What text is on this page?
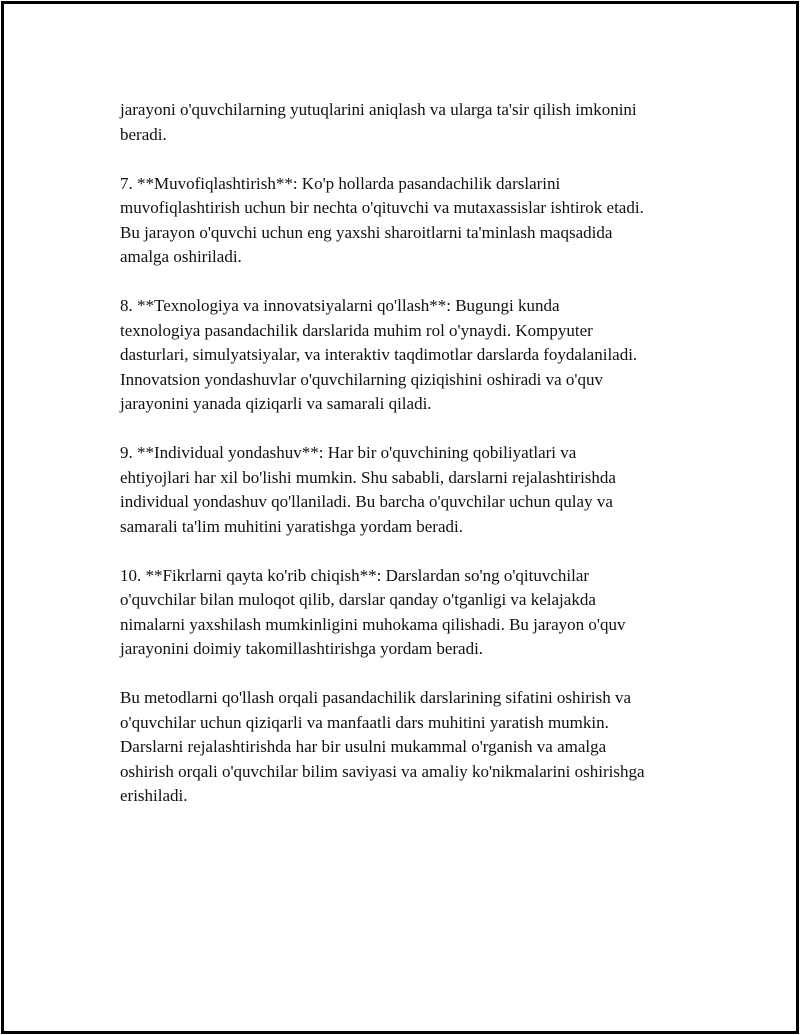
jarayoni o'quvchilarning yutuqlarini aniqlash va ularga ta'sir qilish imkonini
beradi.

7. **Muvofiqlashtirish**: Ko'p hollarda pasandachilik darslarini
muvofiqlashtirish uchun bir nechta o'qituvchi va mutaxassislar ishtirok etadi.
Bu jarayon o'quvchi uchun eng yaxshi sharoitlarni ta'minlash maqsadida
amalga oshiriladi.

8. **Texnologiya va innovatsiyalarni qo'llash**: Bugungi kunda
texnologiya pasandachilik darslarida muhim rol o'ynaydi. Kompyuter
dasturlari, simulyatsiyalar, va interaktiv taqdimotlar darslarda foydalaniladi.
Innovatsion yondashuvlar o'quvchilarning qiziqishini oshiradi va o'quv
jarayonini yanada qiziqarli va samarali qiladi.

9. **Individual yondashuv**: Har bir o'quvchining qobiliyatlari va
ehtiyojlari har xil bo'lishi mumkin. Shu sababli, darslarni rejalashtirishda
individual yondashuv qo'llaniladi. Bu barcha o'quvchilar uchun qulay va
samarali ta'lim muhitini yaratishga yordam beradi.

10. **Fikrlarni qayta ko'rib chiqish**: Darslardan so'ng o'qituvchilar
o'quvchilar bilan muloqot qilib, darslar qanday o'tganligi va kelajakda
nimalarni yaxshilash mumkinligini muhokama qilishadi. Bu jarayon o'quv
jarayonini doimiy takomillashtirishga yordam beradi.

Bu metodlarni qo'llash orqali pasandachilik darslarining sifatini oshirish va
o'quvchilar uchun qiziqarli va manfaatli dars muhitini yaratish mumkin.
Darslarni rejalashtirishda har bir usulni mukammal o'rganish va amalga
oshirish orqali o'quvchilar bilim saviyasi va amaliy ko'nikmalarini oshirishga
erishiladi.
